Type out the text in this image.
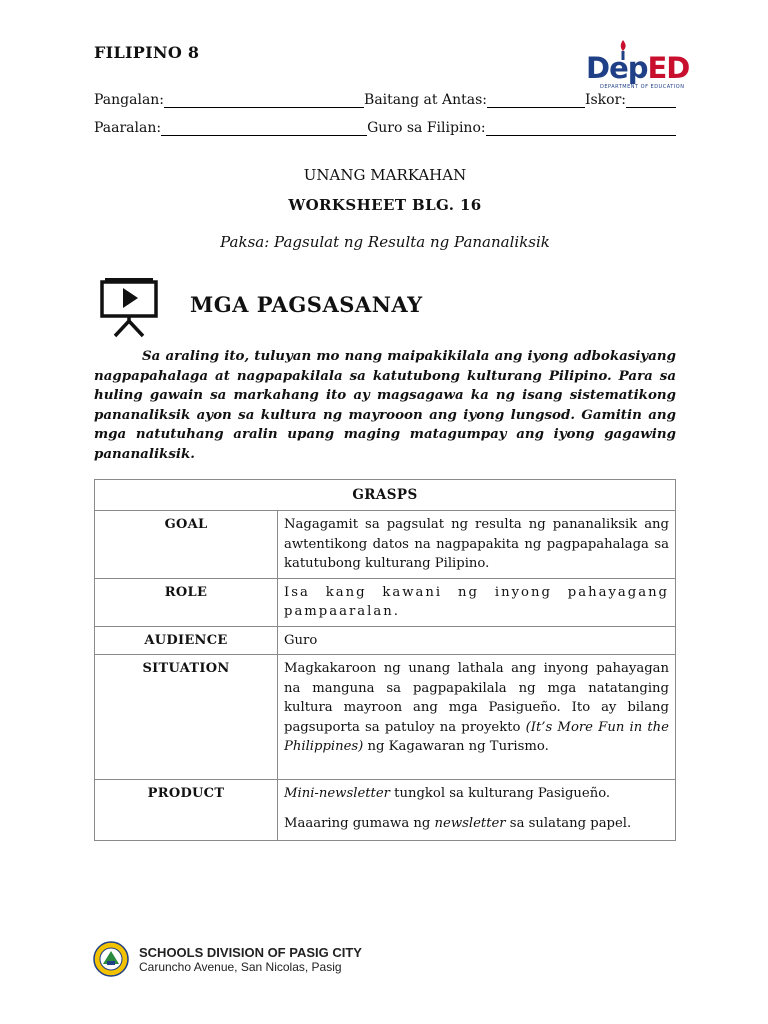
FILIPINO 8	DepED
DEPARTMENT OF EDUCATION
Pangalan:	Baitang at Antas:	Iskor:
Paaralan:	Guro sa Filipino:
UNANG MARKAHAN
WORKSHEET BLG. 16
Paksa: Pagsulat ng Resulta ng Pananaliksik
MGA PAGSASANAY

Sa araling ito, tuluyan mo nang maipakikilala ang iyong adbokasiyang nagpapahalaga at nagpapakilala sa katutubong kulturang Pilipino. Para sa huling gawain sa markahang ito ay magsagawa ka ng isang sistematikong pananaliksik ayon sa kultura ng mayrooon ang iyong lungsod. Gamitin ang mga natutuhang aralin upang maging matagumpay ang iyong gagawing pananaliksik.

GRASPS	
GOAL	Nagagamit sa pagsulat ng resulta ng pananaliksik ang awtentikong datos na nagpapakita ng pagpapahalaga sa katutubong kulturang Pilipino.
ROLE	Isa kang kawani ng inyong pahayagang pampaaralan.
AUDIENCE	Guro
SITUATION	Magkakaroon ng unang lathala ang inyong pahayagan na manguna sa pagpapakilala ng mga natatanging kultura mayroon ang mga Pasigueño. Ito ay bilang pagsuporta sa patuloy na proyekto (It’s More Fun in the Philippines) ng Kagawaran ng Turismo.
PRODUCT	Mini-newsletter tungkol sa kulturang Pasigueño.

Maaaring gumawa ng newsletter sa sulatang papel.

SCHOOLS DIVISION OF PASIG CITY
Caruncho Avenue, San Nicolas, Pasig
